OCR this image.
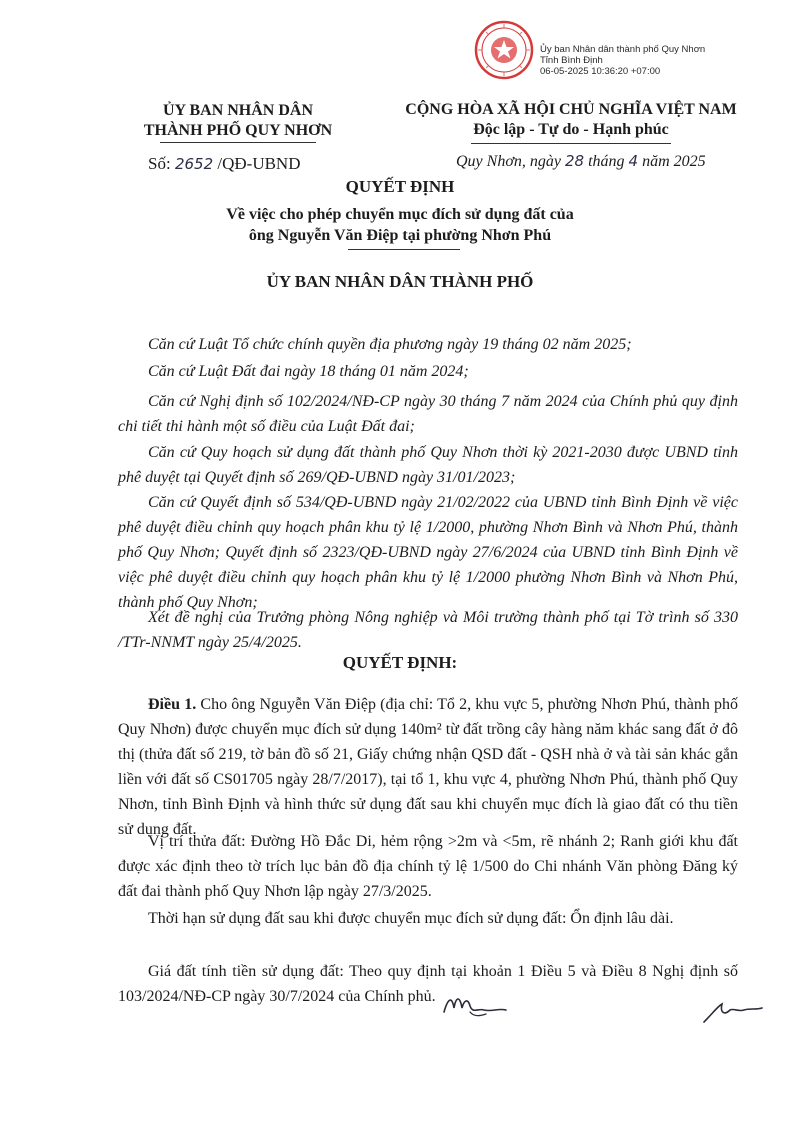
Ủy ban Nhân dân thành phố Quy Nhơn
Tỉnh Bình Định
06-05-2025 10:36:20 +07:00
ỦY BAN NHÂN DÂN
THÀNH PHỐ QUY NHƠN
Số: 2652 /QĐ-UBND
CỘNG HÒA XÃ HỘI CHỦ NGHĨA VIỆT NAM
Độc lập - Tự do - Hạnh phúc
Quy Nhơn, ngày 28 tháng 4 năm 2025
QUYẾT ĐỊNH
Về việc cho phép chuyển mục đích sử dụng đất của
ông Nguyễn Văn Điệp tại phường Nhơn Phú
ỦY BAN NHÂN DÂN THÀNH PHỐ
Căn cứ Luật Tổ chức chính quyền địa phương ngày 19 tháng 02 năm 2025;
Căn cứ Luật Đất đai ngày 18 tháng 01 năm 2024;
Căn cứ Nghị định số 102/2024/NĐ-CP ngày 30 tháng 7 năm 2024 của Chính phủ quy định chi tiết thi hành một số điều của Luật Đất đai;
Căn cứ Quy hoạch sử dụng đất thành phố Quy Nhơn thời kỳ 2021-2030 được UBND tỉnh phê duyệt tại Quyết định số 269/QĐ-UBND ngày 31/01/2023;
Căn cứ Quyết định số 534/QĐ-UBND ngày 21/02/2022 của UBND tỉnh Bình Định về việc phê duyệt điều chỉnh quy hoạch phân khu tỷ lệ 1/2000, phường Nhơn Bình và Nhơn Phú, thành phố Quy Nhơn; Quyết định số 2323/QĐ-UBND ngày 27/6/2024 của UBND tỉnh Bình Định về việc phê duyệt điều chỉnh quy hoạch phân khu tỷ lệ 1/2000 phường Nhơn Bình và Nhơn Phú, thành phố Quy Nhơn;
Xét đề nghị của Trưởng phòng Nông nghiệp và Môi trường thành phố tại Tờ trình số 330 /TTr-NNMT ngày 25/4/2025.
QUYẾT ĐỊNH:
Điều 1. Cho ông Nguyễn Văn Điệp (địa chỉ: Tổ 2, khu vực 5, phường Nhơn Phú, thành phố Quy Nhơn) được chuyển mục đích sử dụng 140m² từ đất trồng cây hàng năm khác sang đất ở đô thị (thửa đất số 219, tờ bản đồ số 21, Giấy chứng nhận QSD đất - QSH nhà ở và tài sản khác gắn liền với đất số CS01705 ngày 28/7/2017), tại tổ 1, khu vực 4, phường Nhơn Phú, thành phố Quy Nhơn, tỉnh Bình Định và hình thức sử dụng đất sau khi chuyển mục đích là giao đất có thu tiền sử dụng đất.
Vị trí thửa đất: Đường Hồ Đắc Di, hẻm rộng >2m và <5m, rẽ nhánh 2; Ranh giới khu đất được xác định theo tờ trích lục bản đồ địa chính tỷ lệ 1/500 do Chi nhánh Văn phòng Đăng ký đất đai thành phố Quy Nhơn lập ngày 27/3/2025.
Thời hạn sử dụng đất sau khi được chuyển mục đích sử dụng đất: Ổn định lâu dài.
Giá đất tính tiền sử dụng đất: Theo quy định tại khoản 1 Điều 5 và Điều 8 Nghị định số 103/2024/NĐ-CP ngày 30/7/2024 của Chính phủ.
